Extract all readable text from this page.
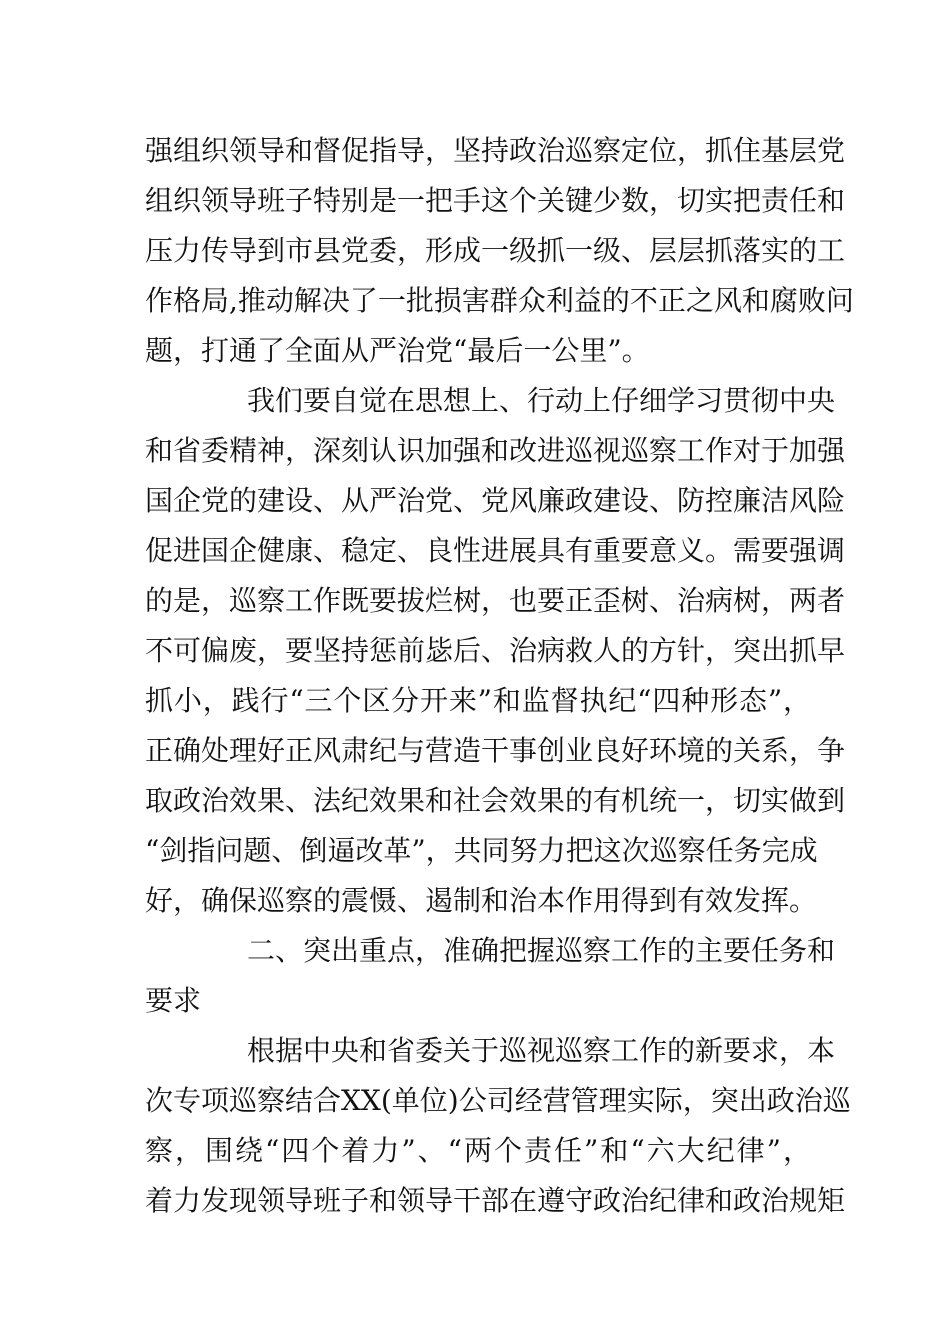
强组织领导和督促指导，坚持政治巡察定位，抓住基层党
组织领导班子特别是一把手这个关键少数，切实把责任和
压力传导到市县党委，形成一级抓一级、层层抓落实的工
作格局,推动解决了一批损害群众利益的不正之风和腐败问
题，打通了全面从严治党“最后一公里”。
我们要自觉在思想上、行动上仔细学习贯彻中央
和省委精神，深刻认识加强和改进巡视巡察工作对于加强
国企党的建设、从严治党、党风廉政建设、防控廉洁风险
促进国企健康、稳定、良性进展具有重要意义。需要强调
的是，巡察工作既要拔烂树，也要正歪树、治病树，两者
不可偏废，要坚持惩前毖后、治病救人的方针，突出抓早
抓小，践行“三个区分开来”和监督执纪“四种形态”，
正确处理好正风肃纪与营造干事创业良好环境的关系，争
取政治效果、法纪效果和社会效果的有机统一，切实做到
“剑指问题、倒逼改革”，共同努力把这次巡察任务完成
好，确保巡察的震慑、遏制和治本作用得到有效发挥。
二、突出重点，准确把握巡察工作的主要任务和
要求
根据中央和省委关于巡视巡察工作的新要求，本
次专项巡察结合XX(单位)公司经营管理实际，突出政治巡
察，围绕“四个着力”、“两个责任”和“六大纪律”，
着力发现领导班子和领导干部在遵守政治纪律和政治规矩
